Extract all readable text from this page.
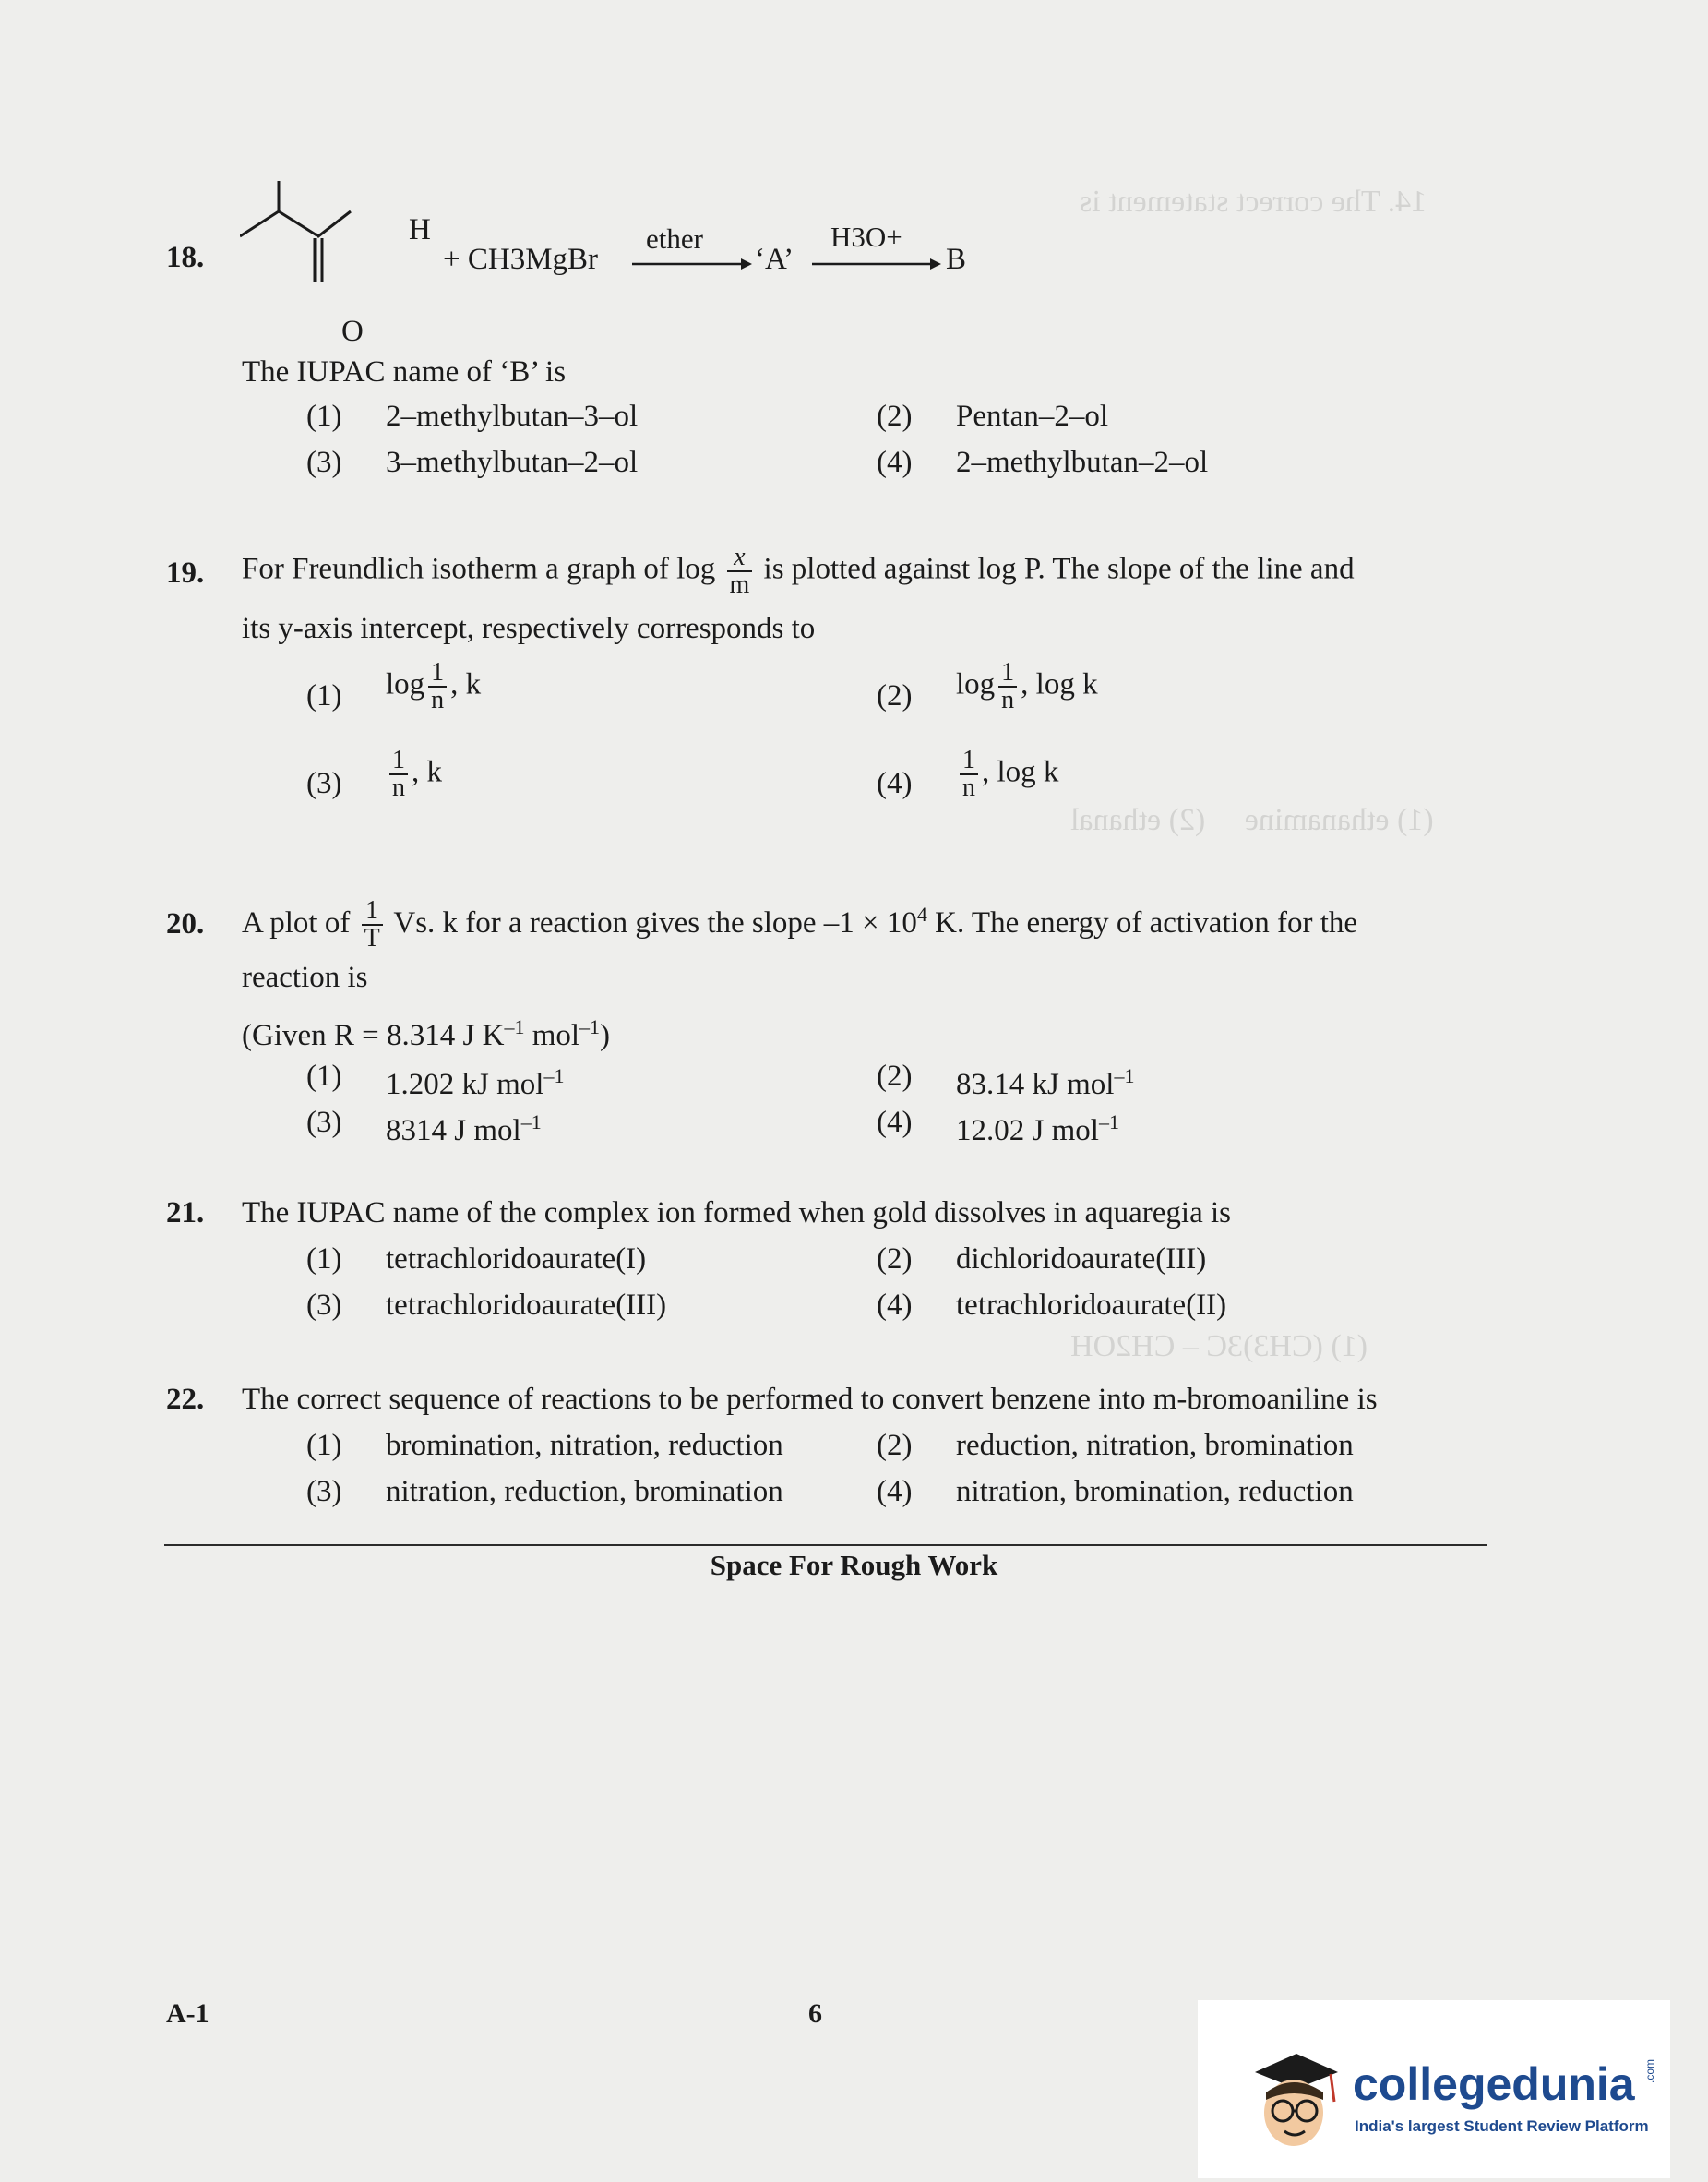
14. The correct statement is
(1) ethanamine     (2) ethanal
(1) (CH3)3C – CH2OH
18.
H
O
+ CH3MgBr
ether
‘A’
H3O+
B
The IUPAC name of ‘B’ is
(1) 2–methylbutan–3–ol	(2) Pentan–2–ol
(3) 3–methylbutan–2–ol	(4) 2–methylbutan–2–ol
19. For Freundlich isotherm a graph of $\log \frac{x}{m}$ is plotted against log P. The slope of the line and
its y-axis intercept, respectively corresponds to
(1) $\log \frac{1}{n}$ , k	(2) $\log \frac{1}{n}$ , log k
$(3) \frac{1}{n}$ , k	$(4) \frac{1}{n}$ , log k
20. A plot of $\frac{1}{T} Vs$. k for a reaction gives the slope $-1 \times 10^4$ K. The energy of activation for the
reaction is
(Given R = 8.314 J $K^{-1}$ mol$^{-1}$)
(1) 1.202 kJ mol$^{-1}$	(2) 83.14 kJ mol$^{-1}$
(3) 8314 J mol$^{-1}$	(4) 12.02 J mol$^{-1}$
21. The IUPAC name of the complex ion formed when gold dissolves in aquaregia is
(1) tetrachloridoaurate(I)	(2) dichloridoaurate(III)
(3) tetrachloridoaurate(III)	(4) tetrachloridoaurate(II)
22. The correct sequence of reactions to be performed to convert benzene into m-bromoaniline is
(1) bromination, nitration, reduction	(2) reduction, nitration, bromination
(3) nitration, reduction, bromination	(4) nitration, bromination, reduction
Space For Rough Work
A-1	6
collegedunia .com
India's largest Student Review Platform
